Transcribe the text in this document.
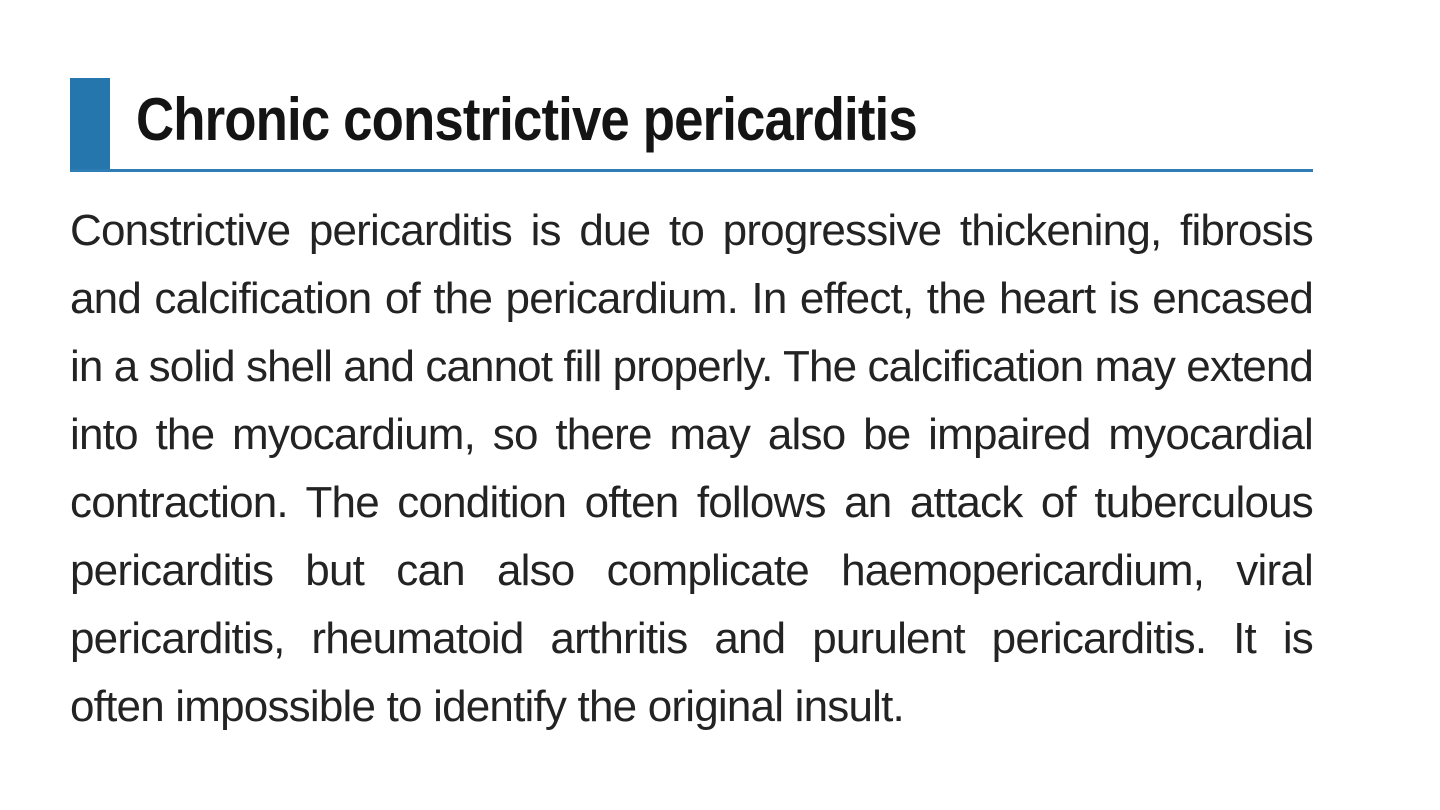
Chronic constrictive pericarditis

Constrictive pericarditis is due to progressive thickening, fibrosis
and calcification of the pericardium. In effect, the heart is encased
in a solid shell and cannot fill properly. The calcification may extend
into the myocardium, so there may also be impaired myocardial
contraction. The condition often follows an attack of tuberculous
pericarditis but can also complicate haemopericardium, viral
pericarditis, rheumatoid arthritis and purulent pericarditis. It is
often impossible to identify the original insult.
